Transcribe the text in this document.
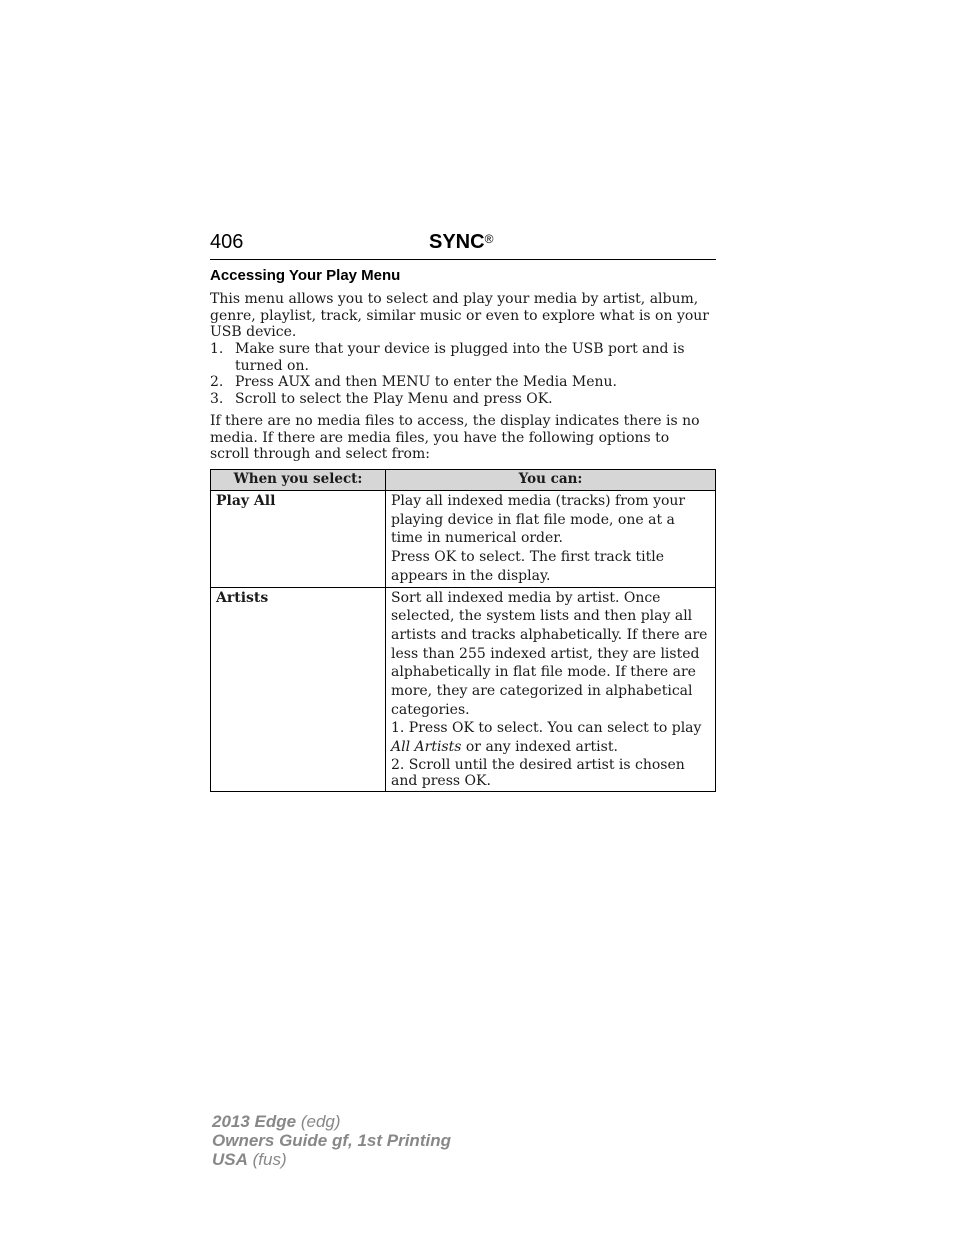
406	SYNC®
Accessing Your Play Menu
This menu allows you to select and play your media by artist, album, genre, playlist, track, similar music or even to explore what is on your USB device.
1. Make sure that your device is plugged into the USB port and is turned on.
2. Press AUX and then MENU to enter the Media Menu.
3. Scroll to select the Play Menu and press OK.
If there are no media files to access, the display indicates there is no media. If there are media files, you have the following options to scroll through and select from:
When you select:	You can:
Play All	Play all indexed media (tracks) from your playing device in flat file mode, one at a time in numerical order.

Press OK to select. The first track title appears in the display.

Artists	Sort all indexed media by artist. Once selected, the system lists and then play all artists and tracks alphabetically. If there are less than 255 indexed artist, they are listed alphabetically in flat file mode. If there are more, they are categorized in alphabetical categories.

1. Press OK to select. You can select to play All Artists or any indexed artist.

2. Scroll until the desired artist is chosen and press OK.

2013 Edge (edg)
Owners Guide gf, 1st Printing
USA (fus)
